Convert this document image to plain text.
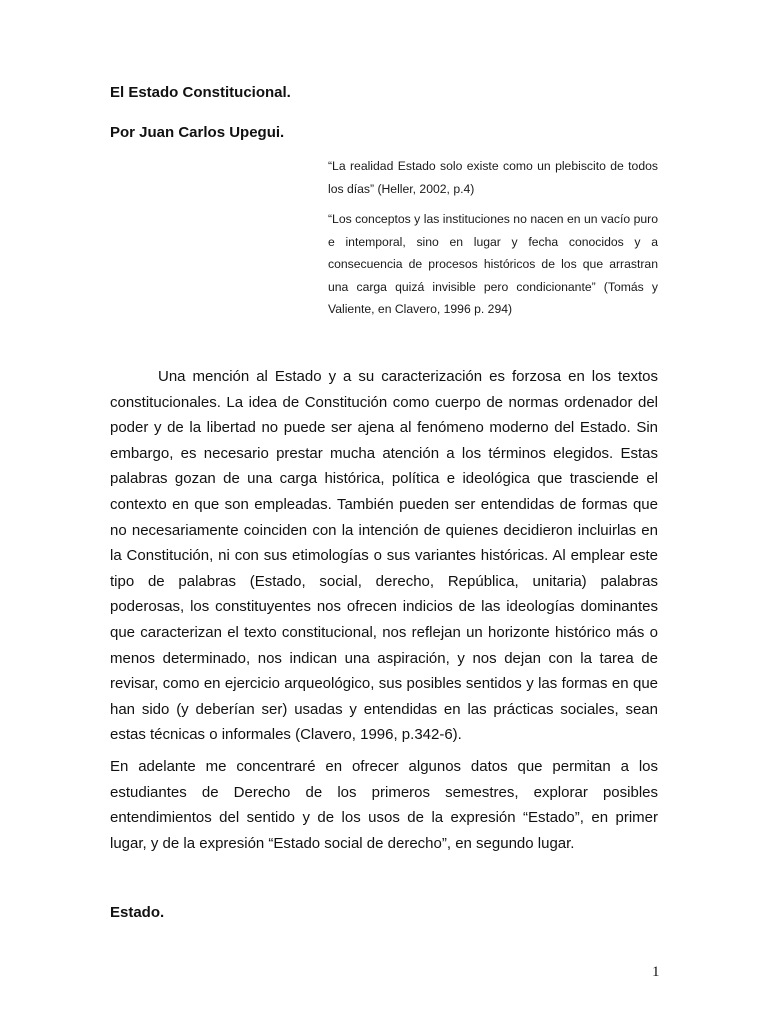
El Estado Constitucional.
Por Juan Carlos Upegui.

“La realidad Estado solo existe como un plebiscito de todos los días” (Heller, 2002, p.4)

“Los conceptos y las instituciones no nacen en un vacío puro e intemporal, sino en lugar y fecha conocidos y a consecuencia de procesos históricos de los que arrastran una carga quizá invisible pero condicionante” (Tomás y Valiente, en Clavero, 1996 p. 294)

Una mención al Estado y a su caracterización es forzosa en los textos constitucionales. La idea de Constitución como cuerpo de normas ordenador del poder y de la libertad no puede ser ajena al fenómeno moderno del Estado. Sin embargo, es necesario prestar mucha atención a los términos elegidos. Estas palabras gozan de una carga histórica, política e ideológica que trasciende el contexto en que son empleadas. También pueden ser entendidas de formas que no necesariamente coinciden con la intención de quienes decidieron incluirlas en la Constitución, ni con sus etimologías o sus variantes históricas. Al emplear este tipo de palabras (Estado, social, derecho, República, unitaria) palabras poderosas, los constituyentes nos ofrecen indicios de las ideologías dominantes que caracterizan el texto constitucional, nos reflejan un horizonte histórico más o menos determinado, nos indican una aspiración, y nos dejan con la tarea de revisar, como en ejercicio arqueológico, sus posibles sentidos y las formas en que han sido (y deberían ser) usadas y entendidas en las prácticas sociales, sean estas técnicas o informales (Clavero, 1996, p.342-6).

En adelante me concentraré en ofrecer algunos datos que permitan a los estudiantes de Derecho de los primeros semestres, explorar posibles entendimientos del sentido y de los usos de la expresión “Estado”, en primer lugar, y de la expresión “Estado social de derecho”, en segundo lugar.

Estado.
1
